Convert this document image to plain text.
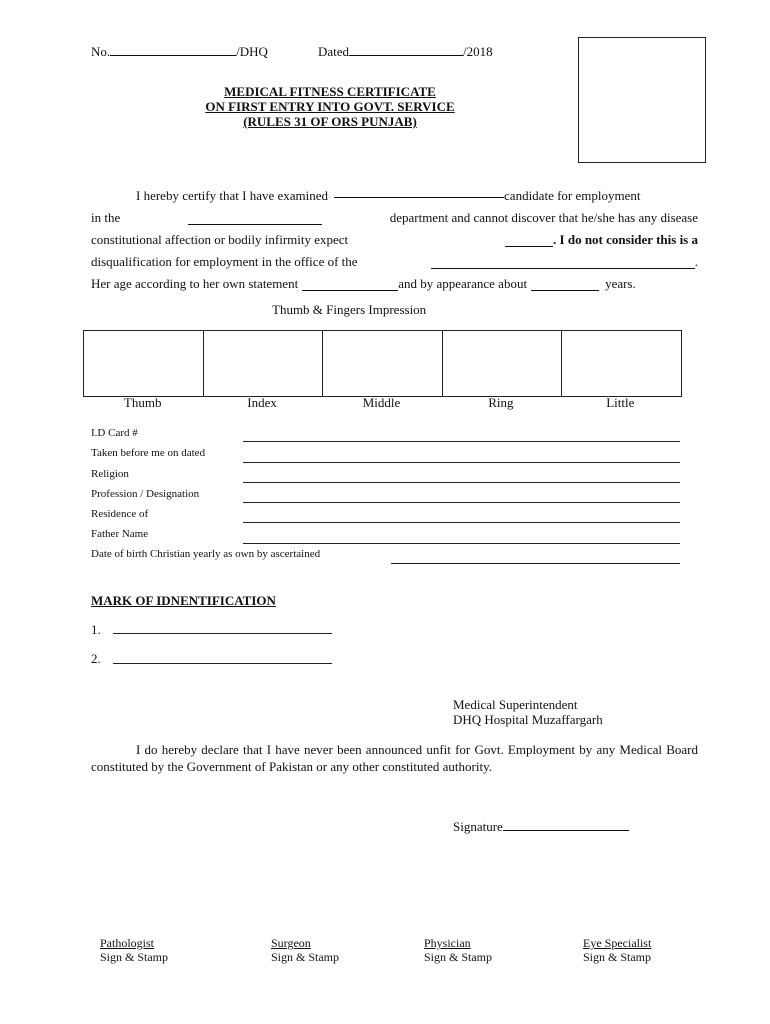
No.	/DHQ	Dated	/2018
MEDICAL FITNESS CERTIFICATE
ON FIRST ENTRY INTO GOVT. SERVICE
(RULES 31 OF ORS PUNJAB)
I hereby certify that I have examined	candidate for employment
in the	department and cannot discover that he/she has any disease
constitutional affection or bodily infirmity expect	. I do not consider this is a
disqualification for employment in the office of the	.
Her age according to her own statement	and by appearance about	years.
Thumb & Fingers Impression
Thumb	Index	Middle	Ring	Little
I.D Card #
Taken before me on dated
Religion
Profession / Designation
Residence of
Father Name
Date of birth Christian yearly as own by ascertained
MARK OF IDNENTIFICATION
1.
2.
Medical Superintendent
DHQ Hospital Muzaffargarh
I do hereby declare that I have never been announced unfit for Govt. Employment by any Medical Board constituted by the Government of Pakistan or any other constituted authority.
Signature
Pathologist
Sign & Stamp
Surgeon
Sign & Stamp
Physician
Sign & Stamp
Eye Specialist
Sign & Stamp
